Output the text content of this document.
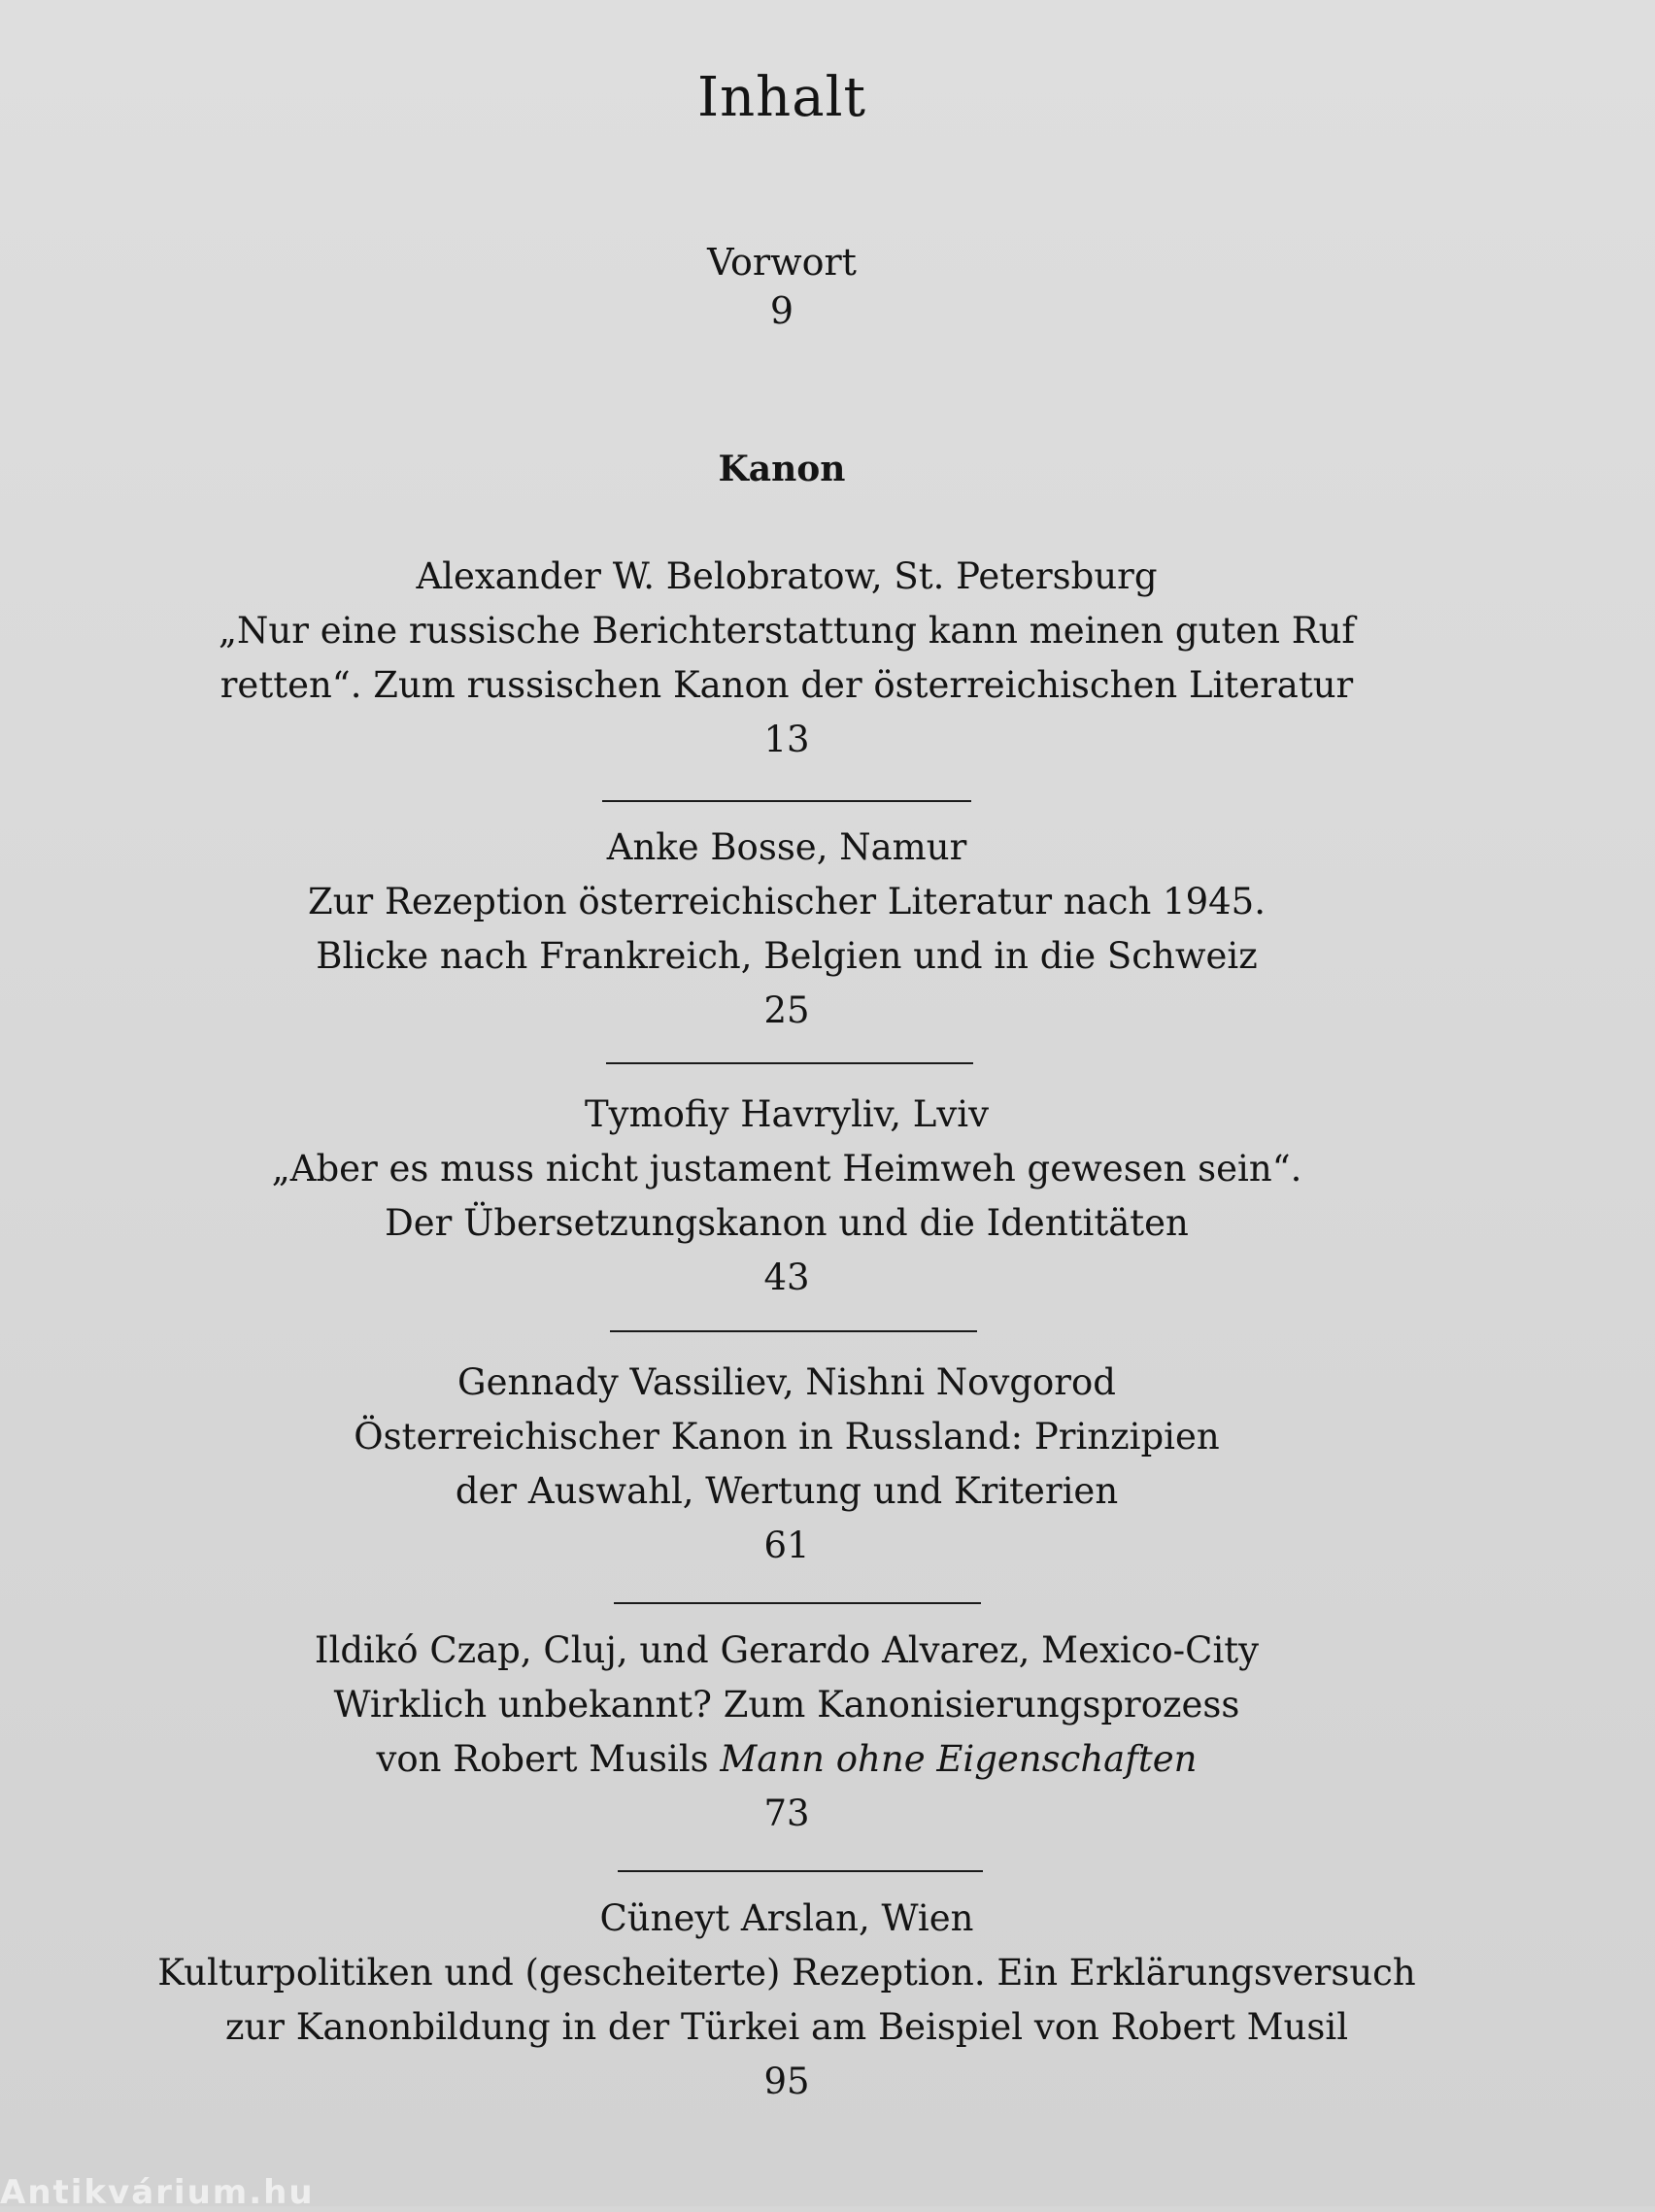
Inhalt
Vorwort
9
Kanon
Alexander W. Belobratow, St. Petersburg
„Nur eine russische Berichterstattung kann meinen guten Ruf
retten“. Zum russischen Kanon der österreichischen Literatur
13
Anke Bosse, Namur
Zur Rezeption österreichischer Literatur nach 1945.
Blicke nach Frankreich, Belgien und in die Schweiz
25
Tymofiy Havryliv, Lviv
„Aber es muss nicht justament Heimweh gewesen sein“.
Der Übersetzungskanon und die Identitäten
43
Gennady Vassiliev, Nishni Novgorod
Österreichischer Kanon in Russland: Prinzipien
der Auswahl, Wertung und Kriterien
61
Ildikó Czap, Cluj, und Gerardo Alvarez, Mexico-City
Wirklich unbekannt? Zum Kanonisierungsprozess
von Robert Musils Mann ohne Eigenschaften
73
Cüneyt Arslan, Wien
Kulturpolitiken und (gescheiterte) Rezeption. Ein Erklärungsversuch
zur Kanonbildung in der Türkei am Beispiel von Robert Musil
95
Antikvárium.hu
